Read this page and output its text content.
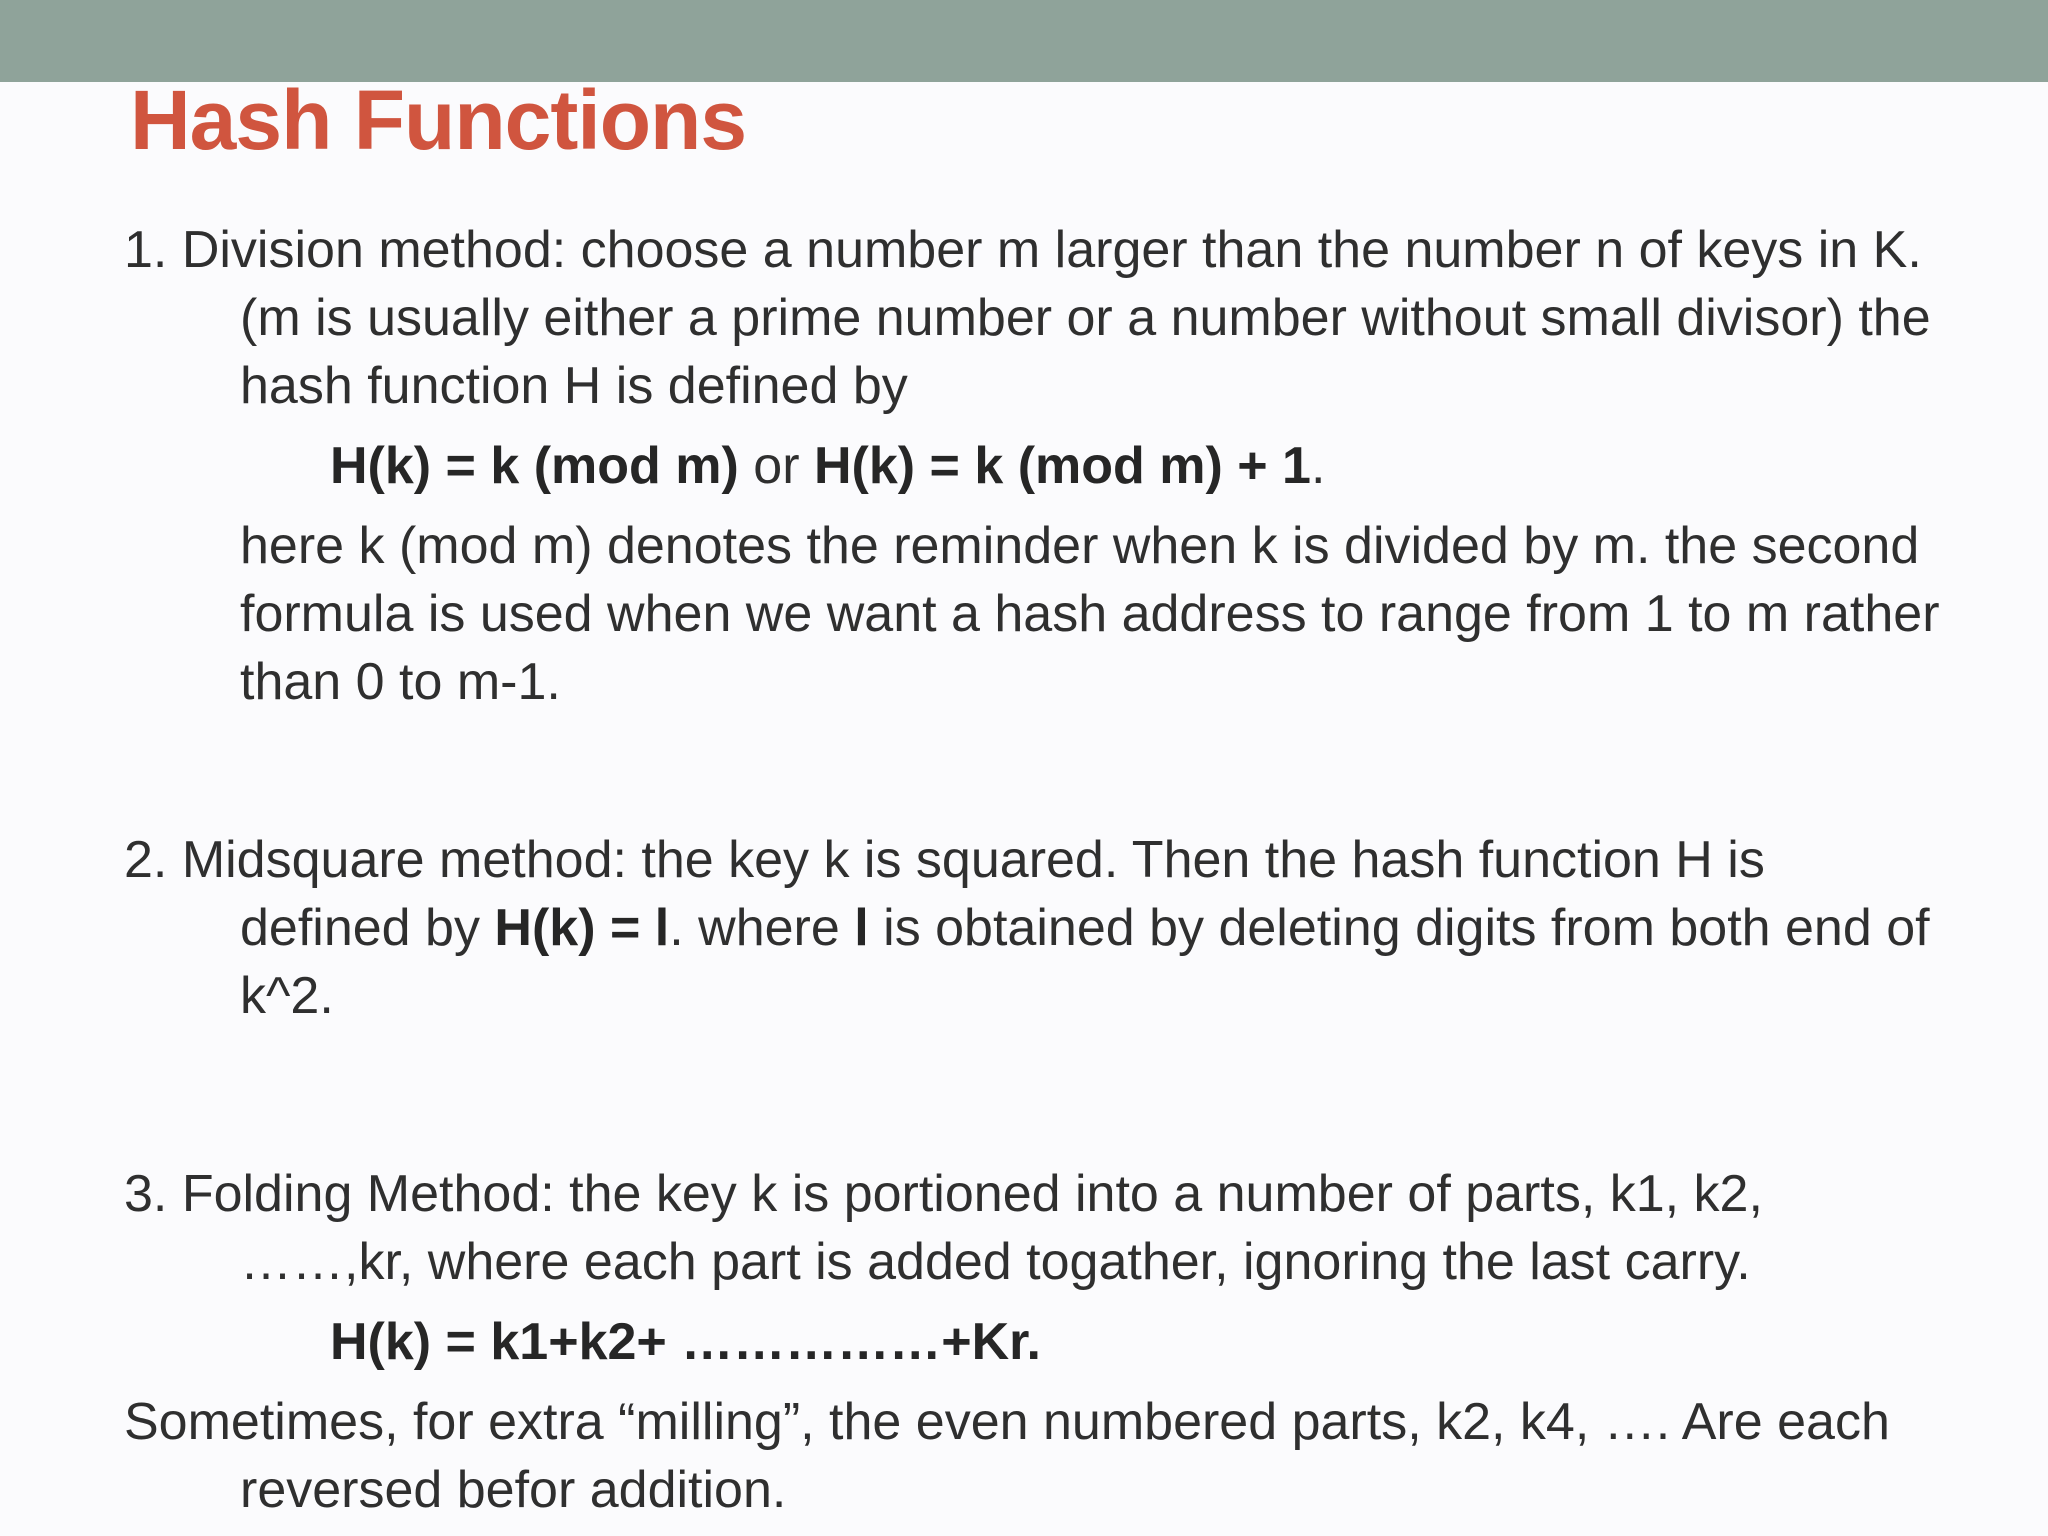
Hash Functions

1. Division method: choose a number m larger than the number n of keys in K. (m is usually either a prime number or a number without small divisor) the hash function H is defined by

H(k) = k (mod m) or H(k) = k (mod m) + 1.

here k (mod m) denotes the reminder when k is divided by m. the second formula is used when we want a hash address to range from 1 to m rather than 0 to m-1.

2. Midsquare method: the key k is squared. Then the hash function H is defined by H(k) = l. where l is obtained by deleting digits from both end of k^2.

3. Folding Method: the key k is portioned into a number of parts, k1, k2, ……,kr, where each part is added togather, ignoring the last carry.

H(k) = k1+k2+ ……………+Kr.

Sometimes, for extra “milling”, the even numbered parts, k2, k4, …. Are each reversed befor addition.
